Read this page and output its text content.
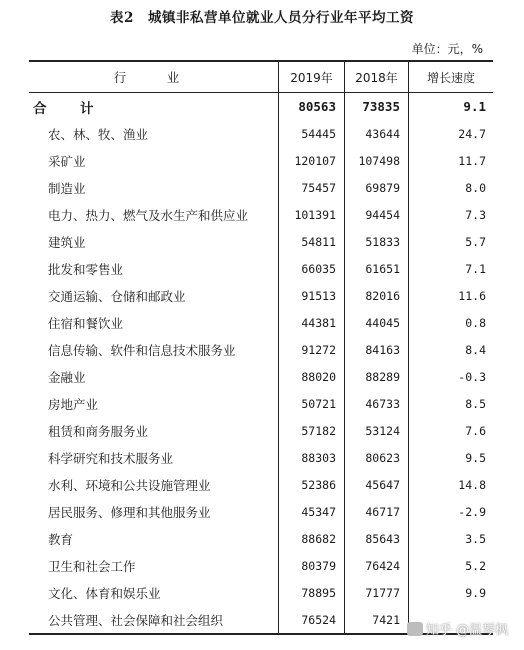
表2　城镇非私营单位就业人员分行业年平均工资
单位：元，%
行　业	2019年	2018年	增长速度
合　计	80563	73835	9.1
农、林、牧、渔业	54445	43644	24.7
采矿业	120107	107498	11.7
制造业	75457	69879	8.0
电力、热力、燃气及水生产和供应业	101391	94454	7.3
建筑业	54811	51833	5.7
批发和零售业	66035	61651	7.1
交通运输、仓储和邮政业	91513	82016	11.6
住宿和餐饮业	44381	44045	0.8
信息传输、软件和信息技术服务业	91272	84163	8.4
金融业	88020	88289	-0.3
房地产业	50721	46733	8.5
租赁和商务服务业	57182	53124	7.6
科学研究和技术服务业	88303	80623	9.5
水利、环境和公共设施管理业	52386	45647	14.8
居民服务、修理和其他服务业	45347	46717	-2.9
教育	88682	85643	3.5
卫生和社会工作	80379	76424	5.2
文化、体育和娱乐业	78895	71777	9.9
公共管理、社会保障和社会组织	76524	7421
知乎 @温琴枫
